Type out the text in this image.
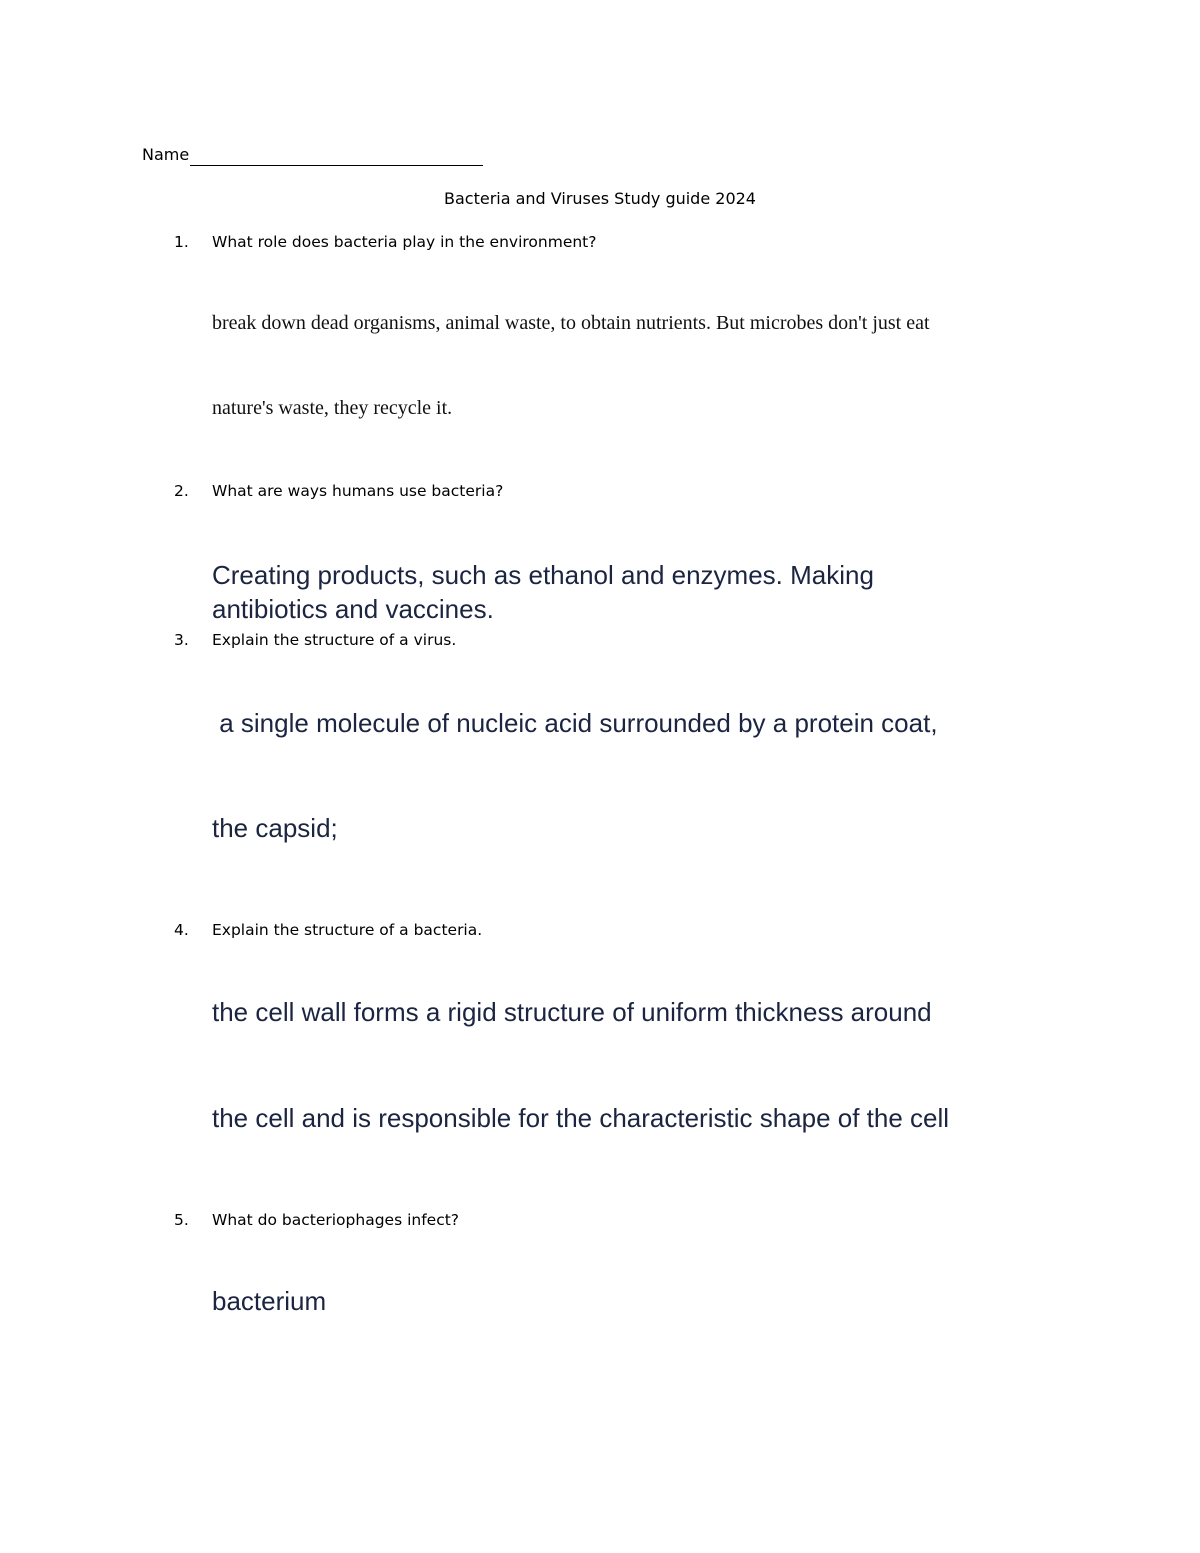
Name
Bacteria and Viruses Study guide 2024
1.	What role does bacteria play in the environment?
break down dead organisms, animal waste, to obtain nutrients. But microbes don't just eat
nature's waste, they recycle it.
2.	What are ways humans use bacteria?
Creating products, such as ethanol and enzymes. Making antibiotics and vaccines.
3.	Explain the structure of a virus.
a single molecule of nucleic acid surrounded by a protein coat,
the capsid;
4.	Explain the structure of a bacteria.
the cell wall forms a rigid structure of uniform thickness around
the cell and is responsible for the characteristic shape of the cell
5.	What do bacteriophages infect?
bacterium
